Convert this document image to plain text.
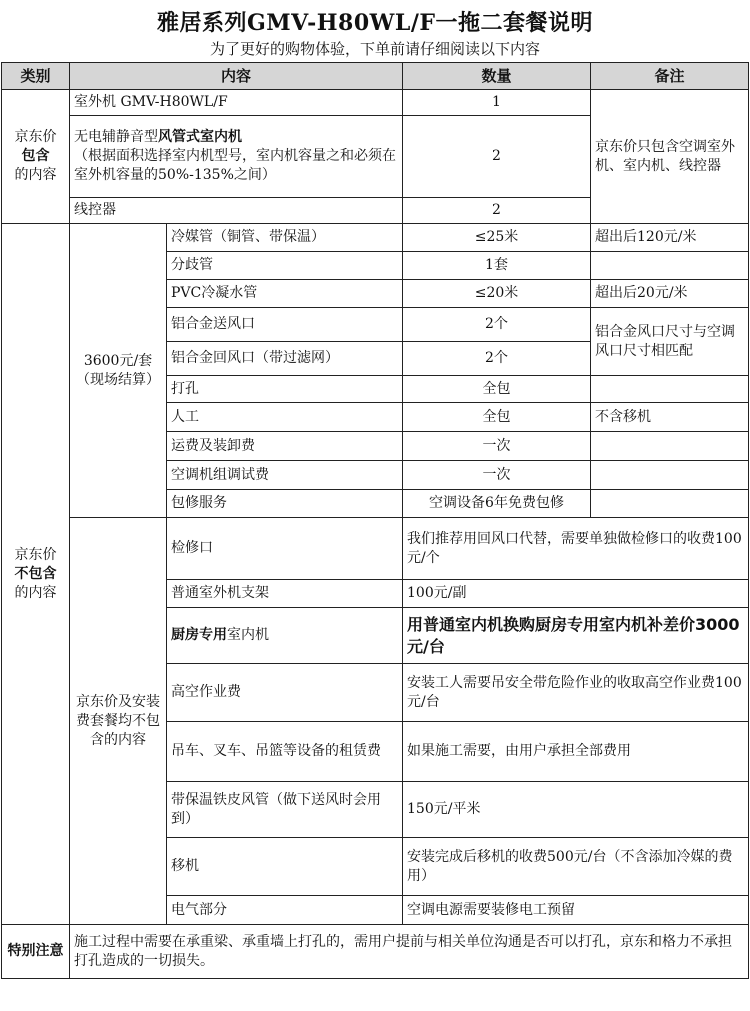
雅居系列GMV-H80WL/F一拖二套餐说明
为了更好的购物体验，下单前请仔细阅读以下内容
类别	内容		数量	备注
京东价
包含
的内容	室外机 GMV-H80WL/F		1	京东价只包含空调室外机、室内机、线控器
	无电辅静音型风管式室内机
（根据面积选择室内机型号，室内机容量之和必须在室外机容量的50%-135%之间）		2	
	线控器		2	
京东价
不包含
的内容	3600元/套（现场结算）	冷媒管（铜管、带保温）	≤25米	超出后120元/米
		分歧管	1套	
		PVC冷凝水管	≤20米	超出后20元/米
		铝合金送风口	2个	铝合金风口尺寸与空调风口尺寸相匹配
		铝合金回风口（带过滤网）	2个	
		打孔	全包	
		人工	全包	不含移机
		运费及装卸费	一次	
		空调机组调试费	一次	
		包修服务	空调设备6年免费包修	
	京东价及安装费套餐均不包含的内容	检修口	我们推荐用回风口代替，需要单独做检修口的收费100元/个	
		普通室外机支架	100元/副	
		厨房专用室内机	用普通室内机换购厨房专用室内机补差价3000元/台	
		高空作业费	安装工人需要吊安全带危险作业的收取高空作业费100元/台	
		吊车、叉车、吊篮等设备的租赁费	如果施工需要，由用户承担全部费用	
		带保温铁皮风管（做下送风时会用到）	150元/平米	
		移机	安装完成后移机的收费500元/台（不含添加冷媒的费用）	
		电气部分	空调电源需要装修电工预留	
特别注意	施工过程中需要在承重梁、承重墙上打孔的，需用户提前与相关单位沟通是否可以打孔，京东和格力不承担打孔造成的一切损失。			
